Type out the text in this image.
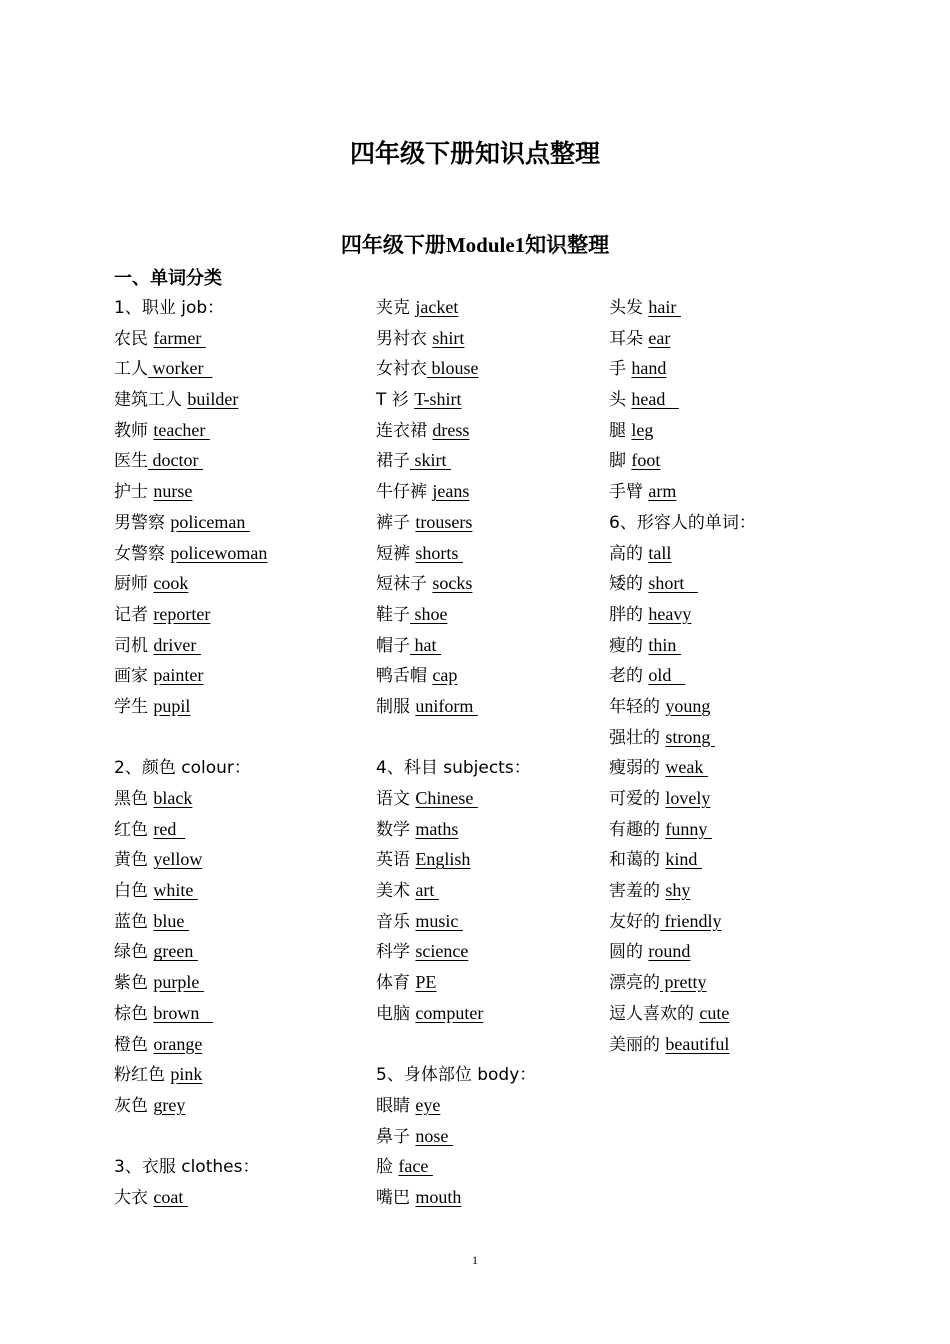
四年级下册知识点整理
四年级下册Module1知识整理
一、单词分类
1、职业 job：
农民 farmer
工人 worker
建筑工人 builder
教师 teacher
医生 doctor
护士 nurse
男警察 policeman
女警察 policewoman
厨师 cook
记者 reporter
司机 driver
画家 painter
学生 pupil
2、颜色 colour：
黑色 black
红色 red
黄色 yellow
白色 white
蓝色 blue
绿色 green
紫色 purple
棕色 brown
橙色 orange
粉红色 pink
灰色 grey
3、衣服 clothes：
大衣 coat
夹克 jacket
男衬衣 shirt
女衬衣 blouse
T 衫 T-shirt
连衣裙 dress
裙子 skirt
牛仔裤 jeans
裤子 trousers
短裤 shorts
短袜子 socks
鞋子 shoe
帽子 hat
鸭舌帽 cap
制服 uniform
4、科目 subjects：
语文 Chinese
数学 maths
英语 English
美术 art
音乐 music
科学 science
体育 PE
电脑 computer
5、身体部位 body：
眼睛 eye
鼻子 nose
脸 face
嘴巴 mouth
头发 hair
耳朵 ear
手 hand
头 head
腿 leg
脚 foot
手臂 arm
6、形容人的单词：
高的 tall
矮的 short
胖的 heavy
瘦的 thin
老的 old
年轻的 young
强壮的 strong
瘦弱的 weak
可爱的 lovely
有趣的 funny
和蔼的 kind
害羞的 shy
友好的 friendly
圆的 round
漂亮的 pretty
逗人喜欢的 cute
美丽的 beautiful
1
